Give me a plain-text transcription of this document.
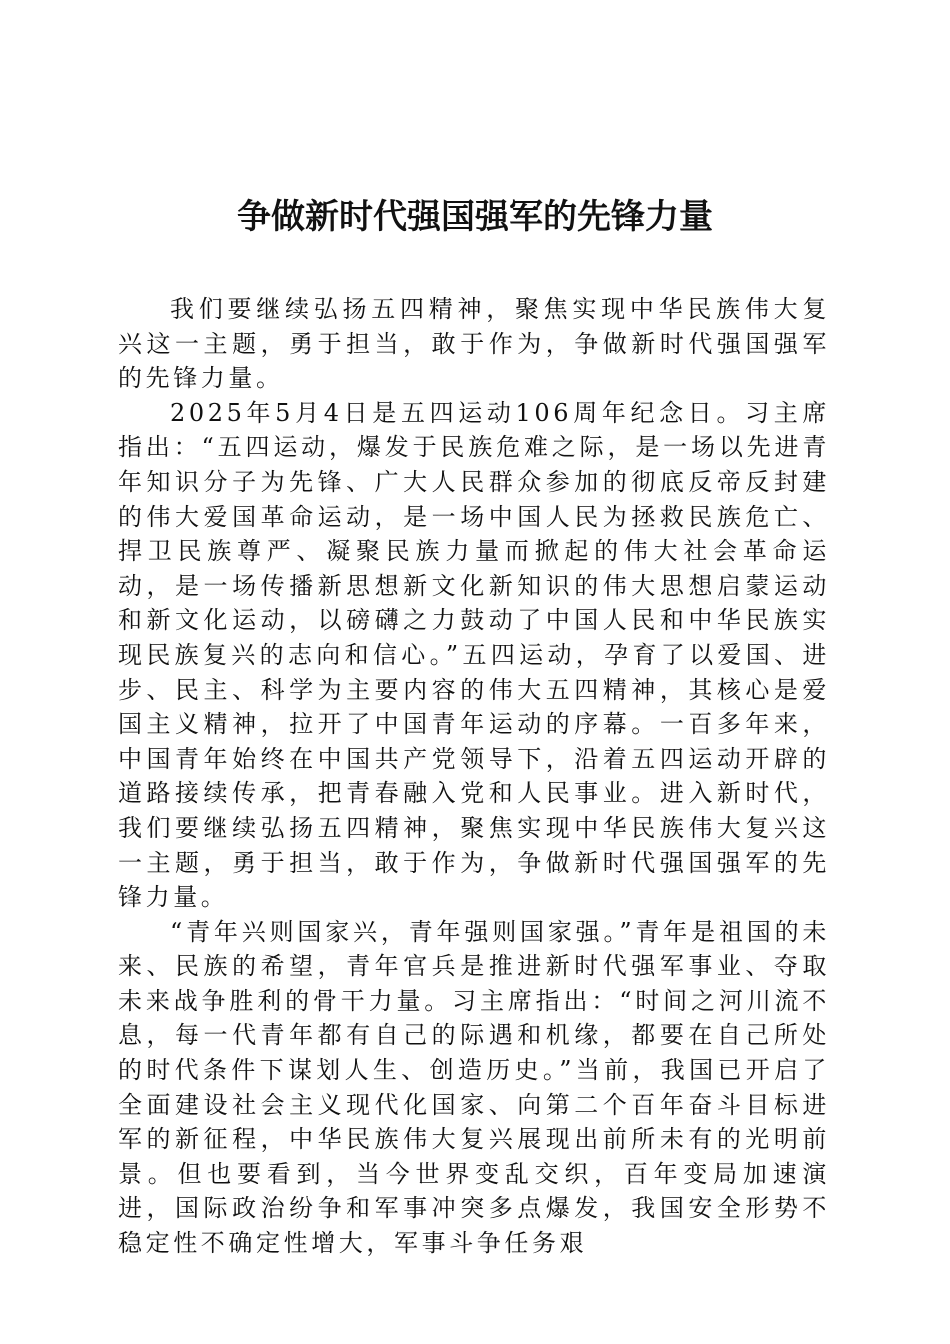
争做新时代强国强军的先锋力量

我们要继续弘扬五四精神，聚焦实现中华民族伟大复兴这一主题，勇于担当，敢于作为，争做新时代强国强军的先锋力量。

2025年5月4日是五四运动106周年纪念日。习主席指出：“五四运动，爆发于民族危难之际，是一场以先进青年知识分子为先锋、广大人民群众参加的彻底反帝反封建的伟大爱国革命运动，是一场中国人民为拯救民族危亡、捍卫民族尊严、凝聚民族力量而掀起的伟大社会革命运动，是一场传播新思想新文化新知识的伟大思想启蒙运动和新文化运动，以磅礴之力鼓动了中国人民和中华民族实现民族复兴的志向和信心。”五四运动，孕育了以爱国、进步、民主、科学为主要内容的伟大五四精神，其核心是爱国主义精神，拉开了中国青年运动的序幕。一百多年来，中国青年始终在中国共产党领导下，沿着五四运动开辟的道路接续传承，把青春融入党和人民事业。进入新时代，我们要继续弘扬五四精神，聚焦实现中华民族伟大复兴这一主题，勇于担当，敢于作为，争做新时代强国强军的先锋力量。

“青年兴则国家兴，青年强则国家强。”青年是祖国的未来、民族的希望，青年官兵是推进新时代强军事业、夺取未来战争胜利的骨干力量。习主席指出：“时间之河川流不息，每一代青年都有自己的际遇和机缘，都要在自己所处的时代条件下谋划人生、创造历史。”当前，我国已开启了全面建设社会主义现代化国家、向第二个百年奋斗目标进军的新征程，中华民族伟大复兴展现出前所未有的光明前景。但也要看到，当今世界变乱交织，百年变局加速演进，国际政治纷争和军事冲突多点爆发，我国安全形势不稳定性不确定性增大，军事斗争任务艰
